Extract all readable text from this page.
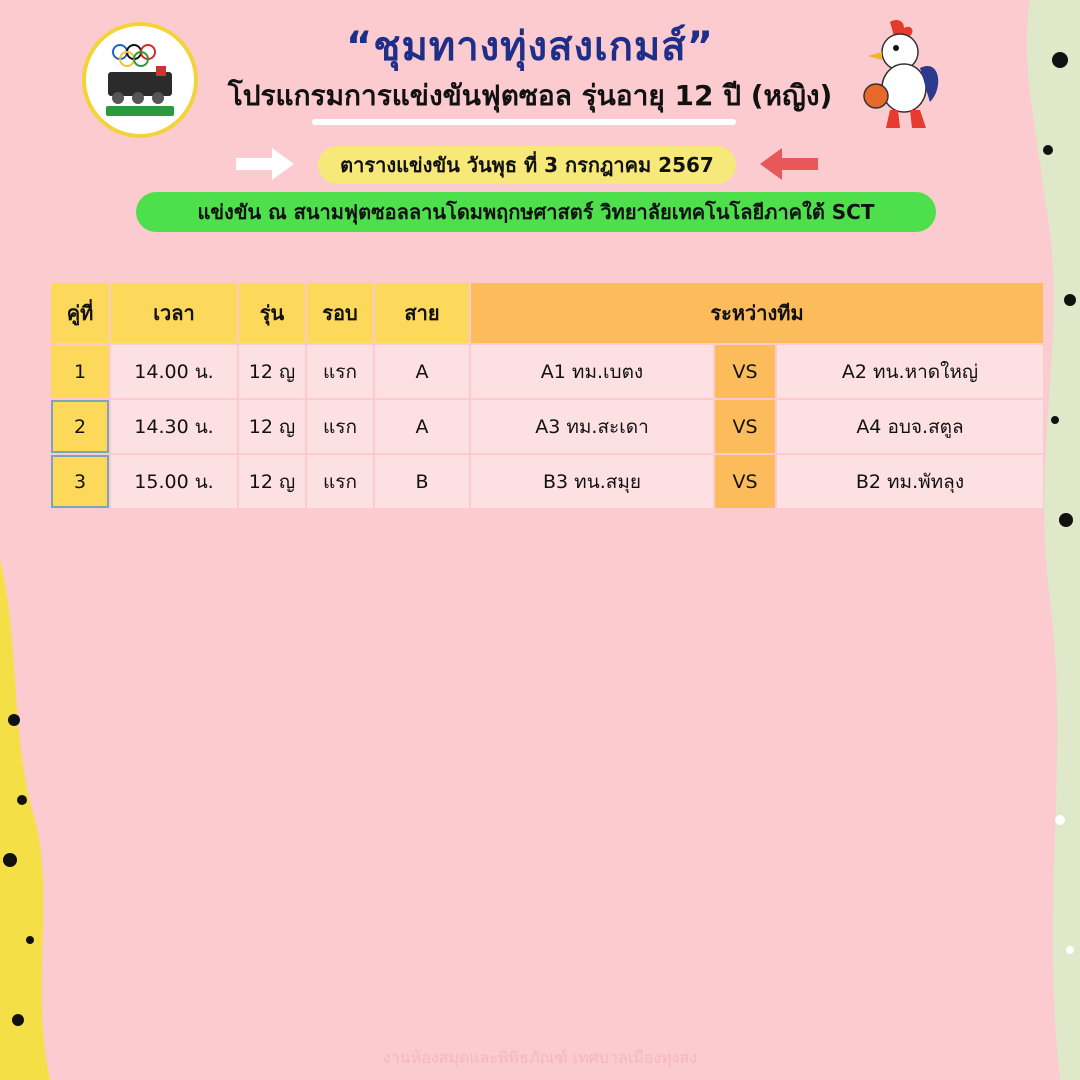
“ชุมทางทุ่งสงเกมส์”
โปรแกรมการแข่งขันฟุตซอล รุ่นอายุ 12 ปี (หญิง)
ตารางแข่งขัน วันพุธ ที่ 3 กรกฎาคม 2567
แข่งขัน ณ สนามฟุตซอลลานโดมพฤกษศาสตร์ วิทยาลัยเทคโนโลยีภาคใต้ SCT
คู่ที่	เวลา	รุ่น	รอบ	สาย	ระหว่างทีม		
1	14.00 น.	12 ญ	แรก	A	A1 ทม.เบตง	VS	A2 ทน.หาดใหญ่
2	14.30 น.	12 ญ	แรก	A	A3 ทม.สะเดา	VS	A4 อบจ.สตูล
3	15.00 น.	12 ญ	แรก	B	B3 ทน.สมุย	VS	B2 ทม.พัทลุง
งานห้องสมุดและพิพิธภัณฑ์ เทศบาลเมืองทุ่งสง
